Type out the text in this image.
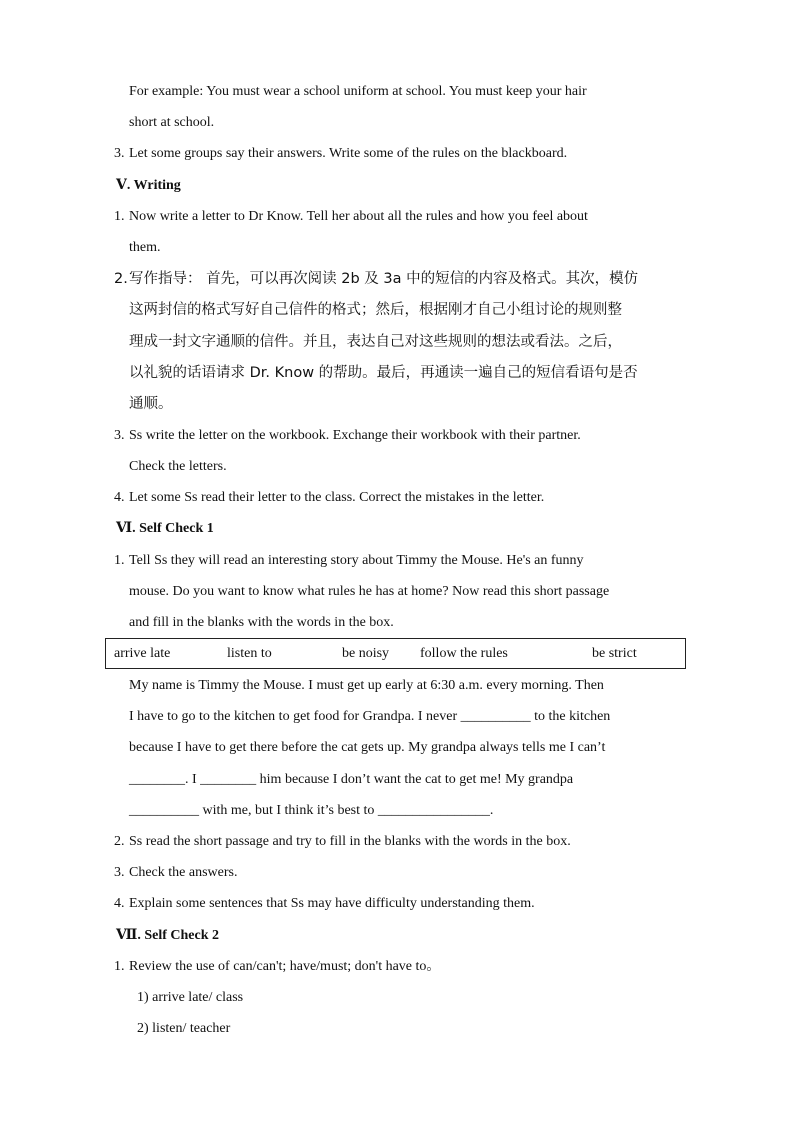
For example: You must wear a school uniform at school. You must keep your hair
short at school.
3. Let some groups say their answers. Write some of the rules on the blackboard.
Ⅴ. Writing
1. Now write a letter to Dr Know. Tell her about all the rules and how you feel about
them.
2. 写作指导： 首先，可以再次阅读 2b 及 3a 中的短信的内容及格式。其次，模仿
这两封信的格式写好自己信件的格式；然后，根据刚才自己小组讨论的规则整
理成一封文字通顺的信件。并且，表达自己对这些规则的想法或看法。之后，
以礼貌的话语请求 Dr. Know 的帮助。最后，再通读一遍自己的短信看语句是否
通顺。
3. Ss write the letter on the workbook. Exchange their workbook with their partner.
Check the letters.
4. Let some Ss read their letter to the class. Correct the mistakes in the letter.
Ⅵ. Self Check 1
1. Tell Ss they will read an interesting story about Timmy the Mouse. He's an funny
mouse. Do you want to know what rules he has at home? Now read this short passage
and fill in the blanks with the words in the box.
arrive late	listen to	be noisy follow the rules	be strict
My name is Timmy the Mouse. I must get up early at 6:30 a.m. every morning. Then
I have to go to the kitchen to get food for Grandpa. I never __________ to the kitchen
because I have to get there before the cat gets up. My grandpa always tells me I can’t
________. I ________ him because I don’t want the cat to get me! My grandpa
__________ with me, but I think it’s best to ________________.
2. Ss read the short passage and try to fill in the blanks with the words in the box.
3. Check the answers.
4. Explain some sentences that Ss may have difficulty understanding them.
Ⅶ. Self Check 2
1. Review the use of can/can't; have/must; don't have to。
1) arrive late/ class
2) listen/ teacher
